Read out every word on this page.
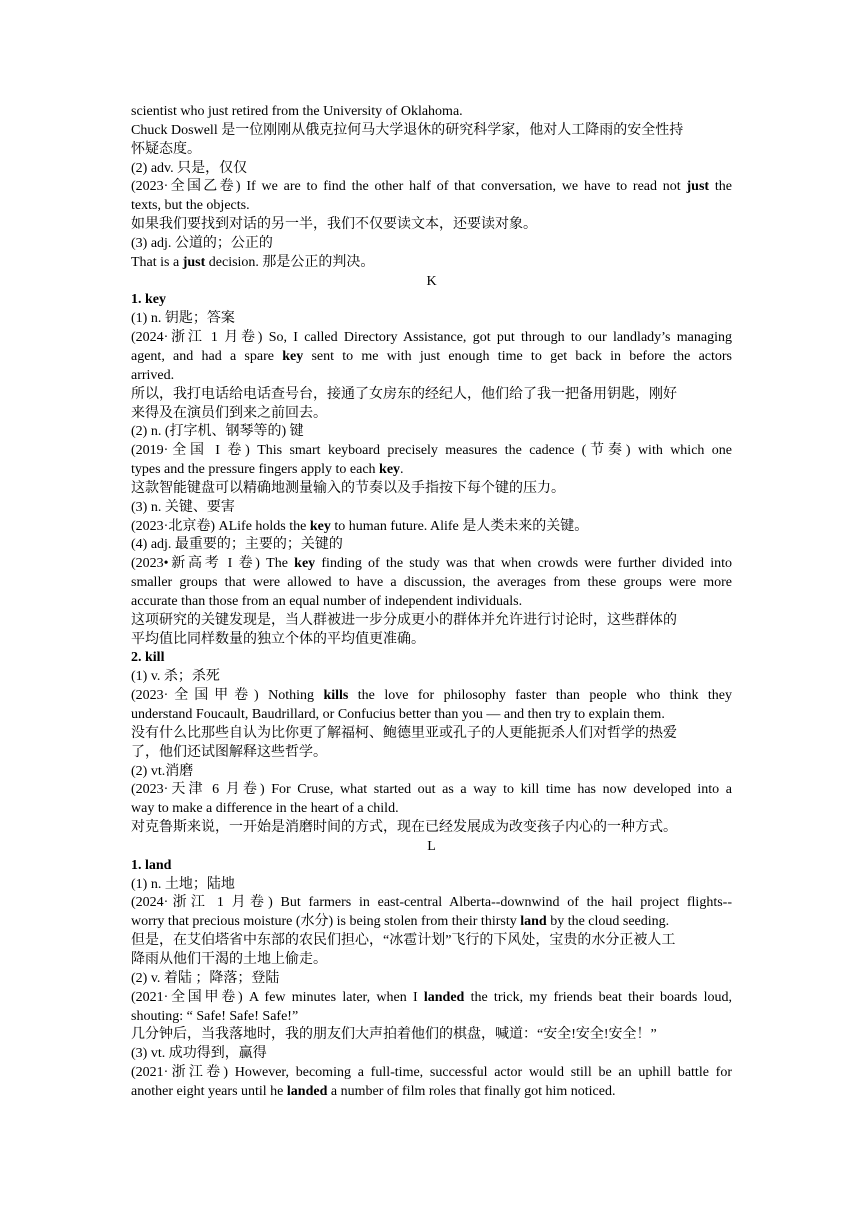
scientist who just retired from the University of Oklahoma.
Chuck Doswell 是一位刚刚从俄克拉何马大学退休的研究科学家，他对人工降雨的安全性持
怀疑态度。
(2) adv. 只是，仅仅
(2023·全国乙卷) If we are to find the other half of that conversation, we have to read not just the
texts, but the objects.
如果我们要找到对话的另一半，我们不仅要读文本，还要读对象。
(3) adj. 公道的；公正的
That is a just decision. 那是公正的判决。
K
1. key
(1) n. 钥匙；答案
(2024·浙江 1 月卷) So, I called Directory Assistance, got put through to our landlady’s managing
agent, and had a spare key sent to me with just enough time to get back in before the actors
arrived.
所以，我打电话给电话查号台，接通了女房东的经纪人，他们给了我一把备用钥匙，刚好
来得及在演员们到来之前回去。
(2) n. (打字机、钢琴等的) 键
(2019·全国 I 卷) This smart keyboard precisely measures the cadence (节奏) with which one
types and the pressure fingers apply to each key.
这款智能键盘可以精确地测量输入的节奏以及手指按下每个键的压力。
(3) n. 关键、要害
(2023·北京卷) ALife holds the key to human future. Alife 是人类未来的关键。
(4) adj. 最重要的；主要的；关键的
(2023•新高考 I 卷) The key finding of the study was that when crowds were further divided into
smaller groups that were allowed to have a discussion, the averages from these groups were more
accurate than those from an equal number of independent individuals.
这项研究的关键发现是，当人群被进一步分成更小的群体并允许进行讨论时，这些群体的
平均值比同样数量的独立个体的平均值更准确。
2. kill
(1) v. 杀；杀死
(2023·全国甲卷) Nothing kills the love for philosophy faster than people who think they
understand Foucault, Baudrillard, or Confucius better than you — and then try to explain them.
没有什么比那些自认为比你更了解福柯、鲍德里亚或孔子的人更能扼杀人们对哲学的热爱
了，他们还试图解释这些哲学。
(2) vt.消磨
(2023·天津 6 月卷) For Cruse, what started out as a way to kill time has now developed into a
way to make a difference in the heart of a child.
对克鲁斯来说，一开始是消磨时间的方式，现在已经发展成为改变孩子内心的一种方式。
L
1. land
(1) n. 土地；陆地
(2024·浙江 1 月卷) But farmers in east-central Alberta--downwind of the hail project flights--
worry that precious moisture (水分) is being stolen from their thirsty land by the cloud seeding.
但是，在艾伯塔省中东部的农民们担心，“冰雹计划”飞行的下风处，宝贵的水分正被人工
降雨从他们干渴的土地上偷走。
(2) v. 着陆 ；降落；登陆
(2021·全国甲卷) A few minutes later, when I landed the trick, my friends beat their boards loud,
shouting: “ Safe! Safe! Safe!”
几分钟后，当我落地时，我的朋友们大声拍着他们的棋盘，喊道：“安全!安全!安全！”
(3) vt. 成功得到，赢得
(2021·浙江卷) However, becoming a full-time, successful actor would still be an uphill battle for
another eight years until he landed a number of film roles that finally got him noticed.
